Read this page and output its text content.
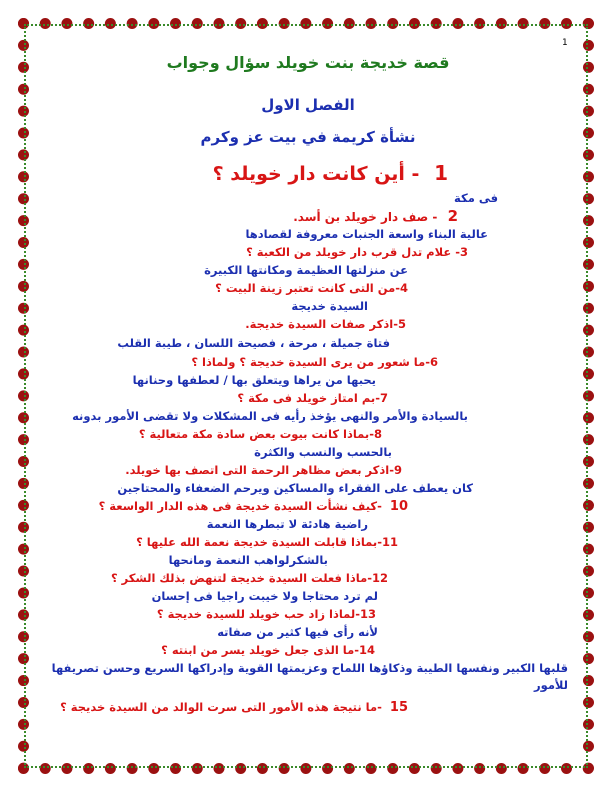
1
قصة خديجة بنت خويلد سؤال وجواب
الفصل الاول
نشأة كريمة في بيت عز وكرم
1 - أين كانت دار خويلد ؟
فى مكة
2 - صف دار خويلد بن أسد.
عالية البناء واسعة الجنبات معروفة لقصادها
3- علام تدل قرب دار خويلد من الكعبة ؟
عن منزلتها العظيمة ومكانتها الكبيرة
4-من التى كانت تعتبر زينة البيت ؟
السيدة خديجة
5-اذكر صفات السيدة خديجة.
فتاة جميلة ، مرحة ، فصيحة اللسان ، طيبة القلب
6-ما شعور من يرى السيدة خديجة ؟ ولماذا ؟
يحبها من يراها ويتعلق بها / لعطفها وحنانها
7-بم امتاز خويلد فى مكة ؟
بالسيادة والأمر والنهى يؤخذ رأيه فى المشكلات ولا تقضى الأمور بدونه
8-بماذا كانت بيوت بعض سادة مكة متعالية ؟
بالحسب والنسب والكثرة
9-اذكر بعض مظاهر الرحمة التى اتصف بها خويلد.
كان يعطف على الفقراء والمساكين ويرحم الضعفاء والمحتاجين
10 -كيف نشأت السيدة خديجة فى هذه الدار الواسعة ؟
راضية هادئة لا تبطرها النعمة
11-بماذا قابلت السيدة خديجة نعمة الله عليها ؟
بالشكرلواهب النعمة ومانحها
12-ماذا فعلت السيدة خديجة لتنهض بذلك الشكر ؟
لم ترد محتاجا ولا خيبت راجيا فى إحسان
13-لماذا زاد حب خويلد للسيدة خديجة ؟
لأنه رأى فيها كثير من صفاته
14-ما الذى جعل خويلد يسر من ابنته ؟
قلبها الكبير ونفسها الطيبة وذكاؤها اللماح وعزيمتها القوية وإدراكها السريع وحسن تصريفها للأمور
15 -ما نتيجة هذه الأمور التى سرت الوالد من السيدة خديجة ؟
